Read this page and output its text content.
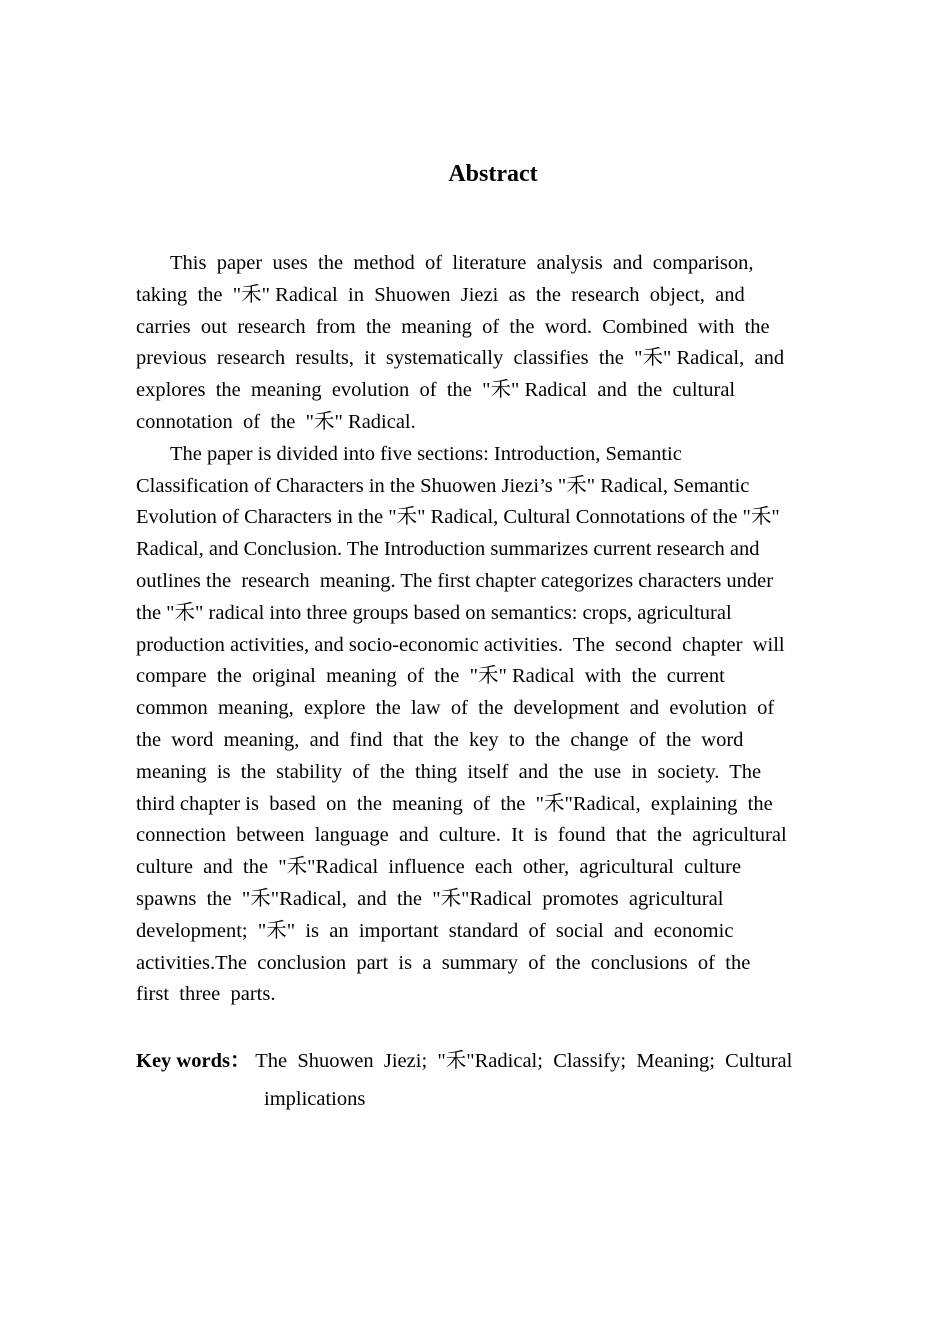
Abstract

This  paper  uses  the  method  of  literature  analysis  and  comparison,
taking  the  "禾" Radical  in  Shuowen  Jiezi  as  the  research  object,  and
carries  out  research  from  the  meaning  of  the  word.  Combined  with  the
previous  research  results,  it  systematically  classifies  the  "禾" Radical,  and
explores  the  meaning  evolution  of  the  "禾" Radical  and  the  cultural
connotation  of  the  "禾" Radical.

The paper is divided into five sections: Introduction, Semantic
Classification of Characters in the Shuowen Jiezi’s "禾" Radical, Semantic
Evolution of Characters in the "禾" Radical, Cultural Connotations of the "禾"
Radical, and Conclusion. The Introduction summarizes current research and
outlines the  research  meaning. The first chapter categorizes characters under
the "禾" radical into three groups based on semantics: crops, agricultural
production activities, and socio-economic activities.  The  second  chapter  will
compare  the  original  meaning  of  the  "禾" Radical  with  the  current
common  meaning,  explore  the  law  of  the  development  and  evolution  of
the  word  meaning,  and  find  that  the  key  to  the  change  of  the  word
meaning  is  the  stability  of  the  thing  itself  and  the  use  in  society.  The
third chapter is  based  on  the  meaning  of  the  "禾"Radical,  explaining  the
connection  between  language  and  culture.  It  is  found  that  the  agricultural
culture  and  the  "禾"Radical  influence  each  other,  agricultural  culture
spawns  the  "禾"Radical,  and  the  "禾"Radical  promotes  agricultural
development;  "禾"  is  an  important  standard  of  social  and  economic
activities.The  conclusion  part  is  a  summary  of  the  conclusions  of  the
first  three  parts.

Key words： The  Shuowen  Jiezi;  "禾"Radical;  Classify;  Meaning;  Cultural
implications
